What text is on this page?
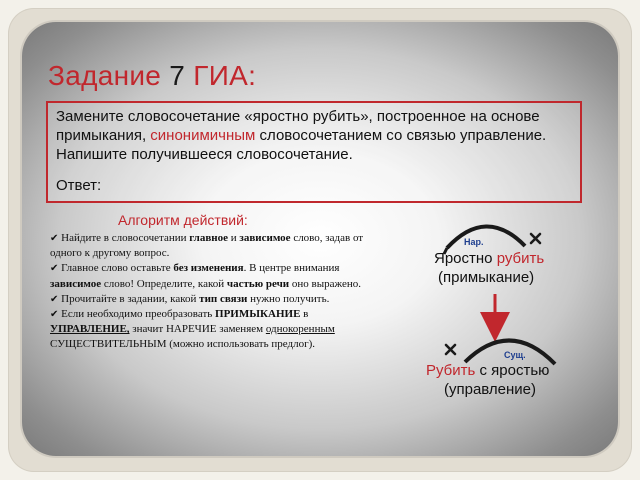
Задание 7 ГИА:

Замените словосочетание «яростно рубить», построенное на основе примыкания, синонимичным словосочетанием со связью управление. Напишите получившееся словосочетание.

Ответ:
Алгоритм действий:

✔ Найдите в словосочетании главное и зависимое слово, задав от одного к другому вопрос.

✔ Главное слово оставьте без изменения. В центре внимания зависимое слово! Определите, какой частью речи оно выражено.

✔ Прочитайте в задании, какой тип связи нужно получить.

✔ Если необходимо преобразовать ПРИМЫКАНИЕ в УПРАВЛЕНИЕ, значит НАРЕЧИЕ заменяем однокоренным СУЩЕСТВИТЕЛЬНЫМ (можно использовать предлог).

Нар.
Яростно рубить
(примыкание)
Сущ.
Рубить с яростью
(управление)
